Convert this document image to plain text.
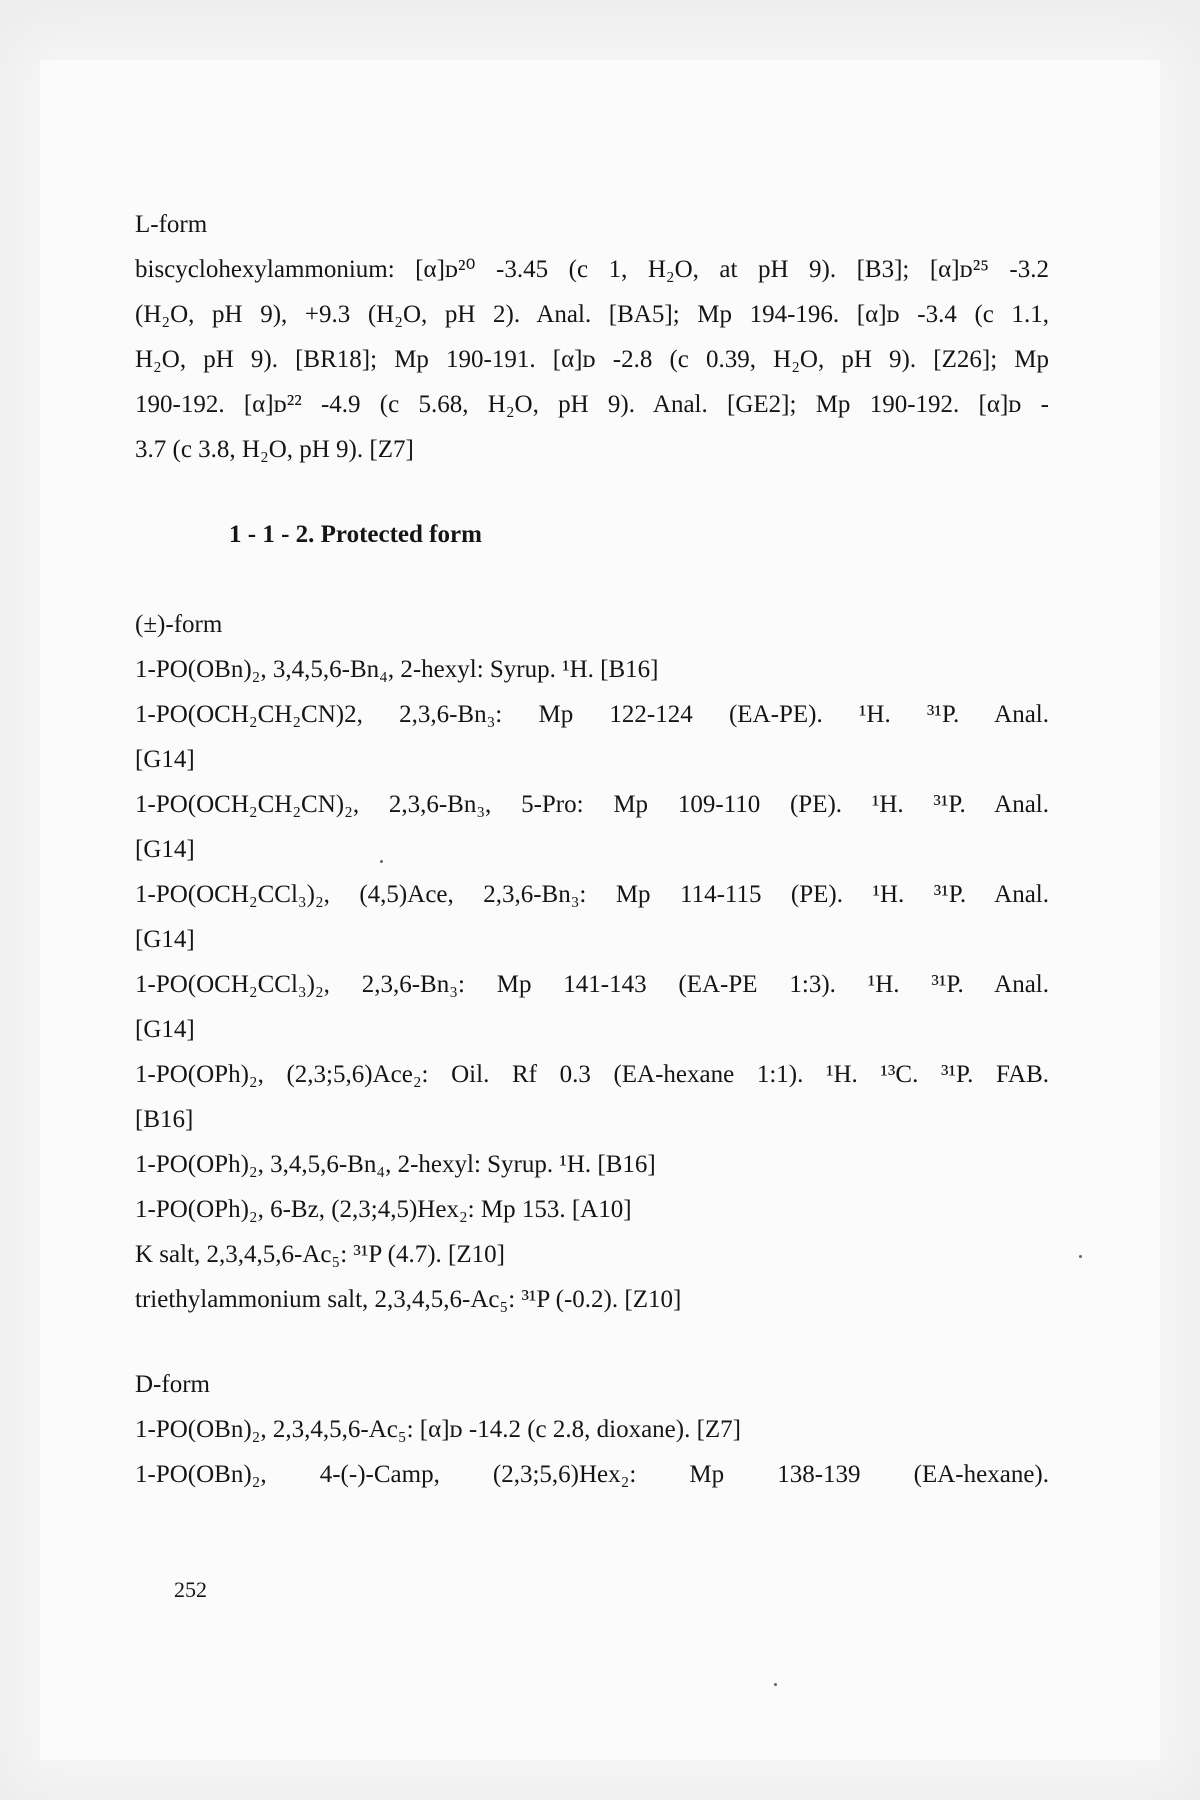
L-form
biscyclohexylammonium: [α]ᴅ²⁰ -3.45 (c 1, H₂O, at pH 9). [B3]; [α]ᴅ²⁵ -3.2
(H₂O, pH 9), +9.3 (H₂O, pH 2). Anal. [BA5]; Mp 194-196. [α]ᴅ -3.4 (c 1.1,
H₂O, pH 9). [BR18]; Mp 190-191. [α]ᴅ -2.8 (c 0.39, H₂O, pH 9). [Z26]; Mp
190-192. [α]ᴅ²² -4.9 (c 5.68, H₂O, pH 9). Anal. [GE2]; Mp 190-192. [α]ᴅ -
3.7 (c 3.8, H₂O, pH 9). [Z7]
1 - 1 - 2. Protected form
(±)-form
1-PO(OBn)₂, 3,4,5,6-Bn₄, 2-hexyl: Syrup. ¹H. [B16]
1-PO(OCH₂CH₂CN)2, 2,3,6-Bn₃: Mp 122-124 (EA-PE). ¹H. ³¹P. Anal.
[G14]
1-PO(OCH₂CH₂CN)₂, 2,3,6-Bn₃, 5-Pro: Mp 109-110 (PE). ¹H. ³¹P. Anal.
[G14]
1-PO(OCH₂CCl₃)₂, (4,5)Ace, 2,3,6-Bn₃: Mp 114-115 (PE). ¹H. ³¹P. Anal.
[G14]
1-PO(OCH₂CCl₃)₂, 2,3,6-Bn₃: Mp 141-143 (EA-PE 1:3). ¹H. ³¹P. Anal.
[G14]
1-PO(OPh)₂, (2,3;5,6)Ace₂: Oil. Rf 0.3 (EA-hexane 1:1). ¹H. ¹³C. ³¹P. FAB.
[B16]
1-PO(OPh)₂, 3,4,5,6-Bn₄, 2-hexyl: Syrup. ¹H. [B16]
1-PO(OPh)₂, 6-Bz, (2,3;4,5)Hex₂: Mp 153. [A10]
K salt, 2,3,4,5,6-Ac₅: ³¹P (4.7). [Z10]
triethylammonium salt, 2,3,4,5,6-Ac₅: ³¹P (-0.2). [Z10]
D-form
1-PO(OBn)₂, 2,3,4,5,6-Ac₅: [α]ᴅ -14.2 (c 2.8, dioxane). [Z7]
1-PO(OBn)₂, 4-(-)-Camp, (2,3;5,6)Hex₂: Mp 138-139 (EA-hexane).
252
